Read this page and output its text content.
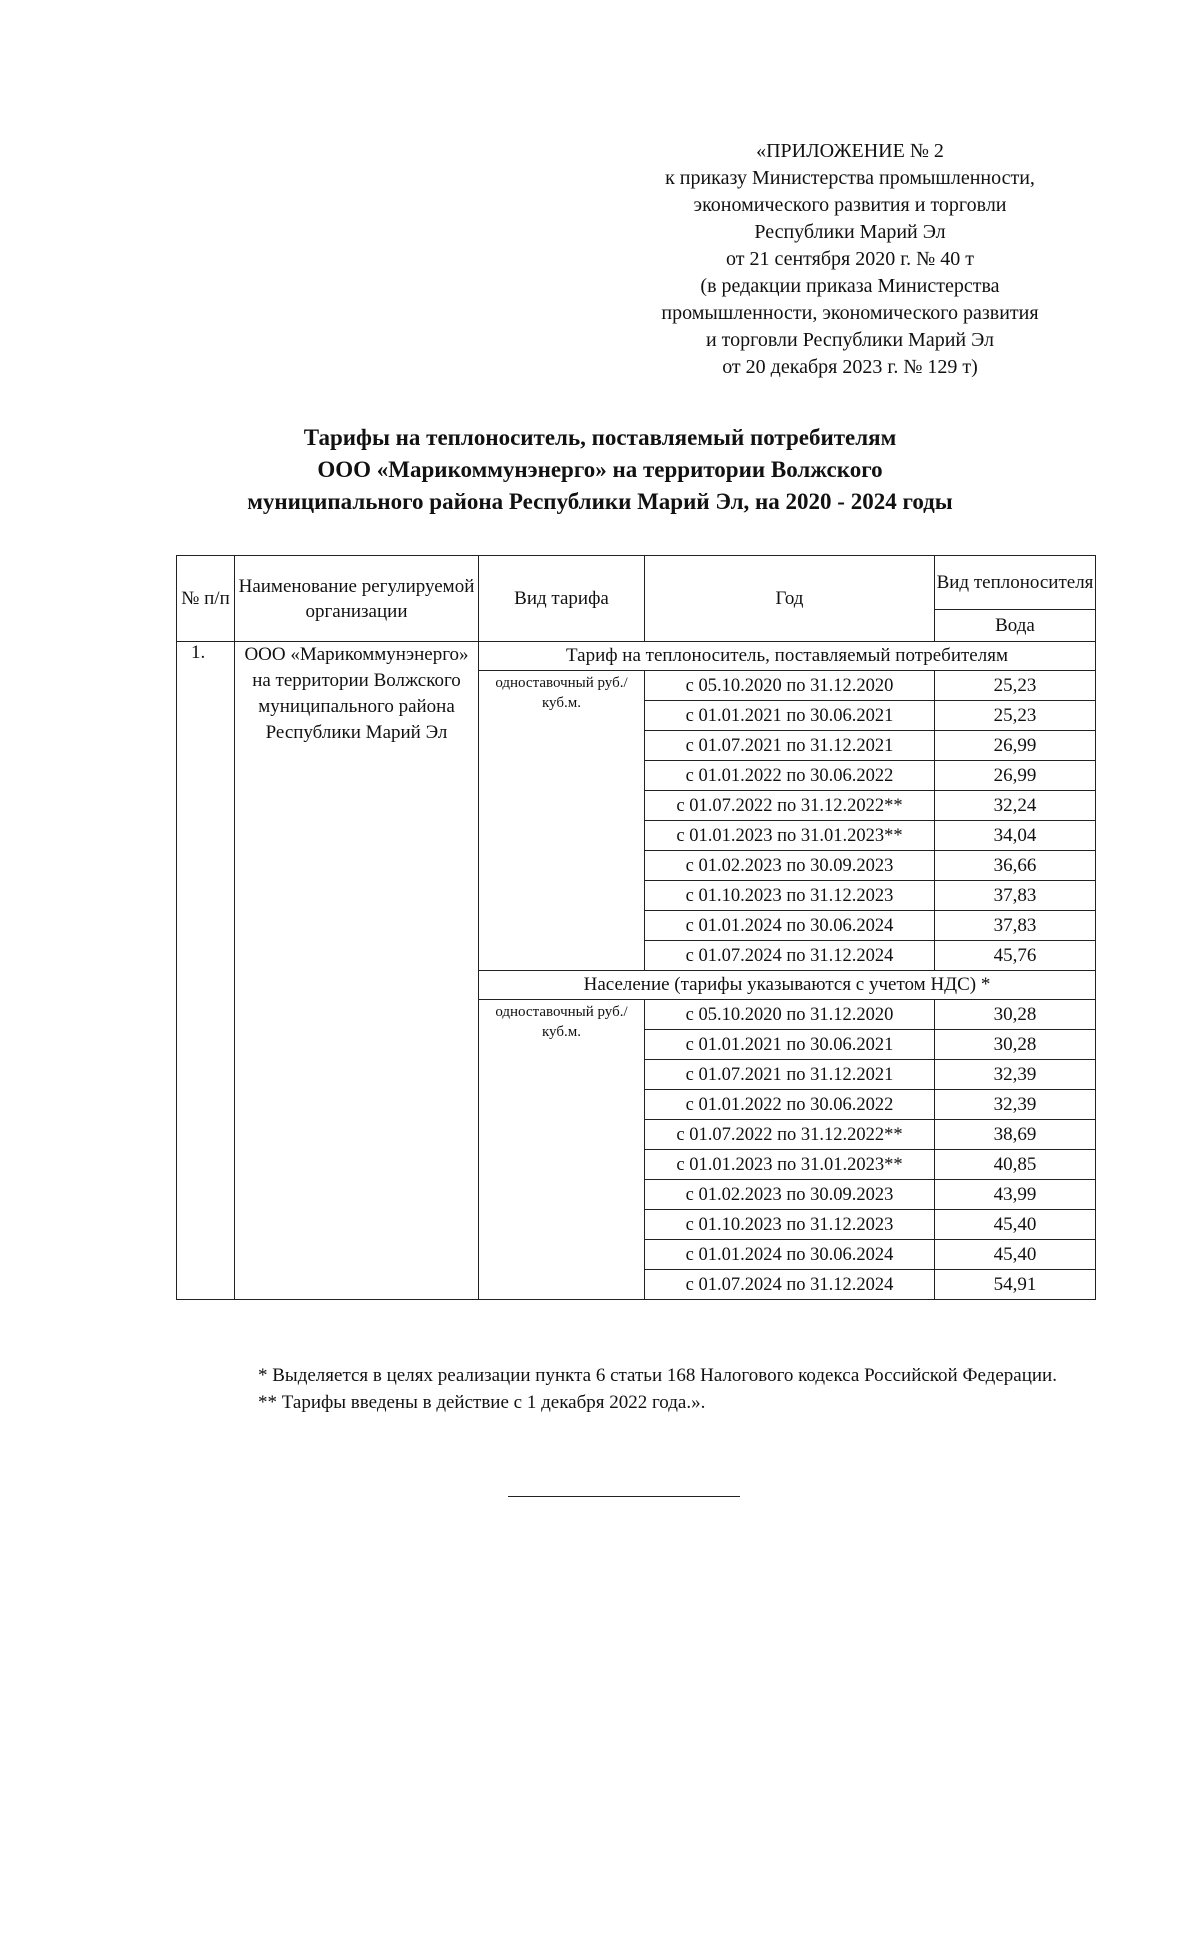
«ПРИЛОЖЕНИЕ № 2
к приказу Министерства промышленности,
экономического развития и торговли
Республики Марий Эл
от 21 сентября 2020 г. № 40 т
(в редакции приказа Министерства
промышленности, экономического развития
и торговли Республики Марий Эл
от 20 декабря 2023 г. № 129 т)
Тарифы на теплоноситель, поставляемый потребителям
ООО «Марикоммунэнерго» на территории Волжского
муниципального района Республики Марий Эл, на 2020 - 2024 годы
№ п/п	Наименование регулируемой организации	Вид тарифа	Год	Вид теплоносителя
				Вода
1.	ООО «Марикоммунэнерго» на территории Волжского муниципального района Республики Марий Эл	Тариф на теплоноситель, поставляемый потребителям		
		одноставочный руб./куб.м.	с 05.10.2020 по 31.12.2020	25,23
			с 01.01.2021 по 30.06.2021	25,23
			с 01.07.2021 по 31.12.2021	26,99
			с 01.01.2022 по 30.06.2022	26,99
			с 01.07.2022 по 31.12.2022**	32,24
			с 01.01.2023 по 31.01.2023**	34,04
			с 01.02.2023 по 30.09.2023	36,66
			с 01.10.2023 по 31.12.2023	37,83
			с 01.01.2024 по 30.06.2024	37,83
			с 01.07.2024 по 31.12.2024	45,76
		Население (тарифы указываются с учетом НДС) *		
		одноставочный руб./куб.м.	с 05.10.2020 по 31.12.2020	30,28
			с 01.01.2021 по 30.06.2021	30,28
			с 01.07.2021 по 31.12.2021	32,39
			с 01.01.2022 по 30.06.2022	32,39
			с 01.07.2022 по 31.12.2022**	38,69
			с 01.01.2023 по 31.01.2023**	40,85
			с 01.02.2023 по 30.09.2023	43,99
			с 01.10.2023 по 31.12.2023	45,40
			с 01.01.2024 по 30.06.2024	45,40
			с 01.07.2024 по 31.12.2024	54,91
* Выделяется в целях реализации пункта 6 статьи 168 Налогового кодекса Российской Федерации.
** Тарифы введены в действие с 1 декабря 2022 года.».
